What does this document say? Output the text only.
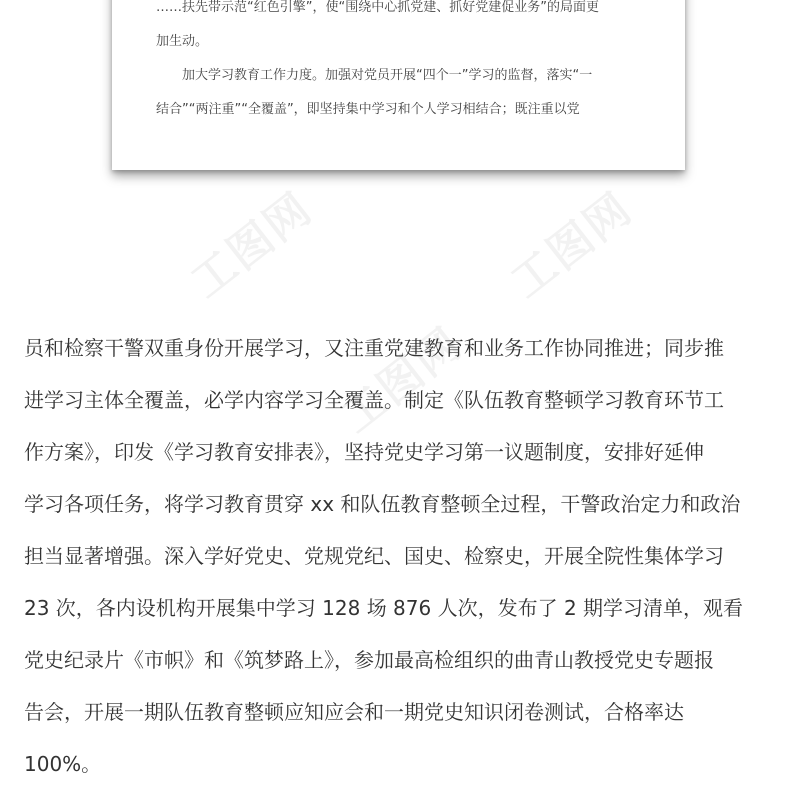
……扶先带示范“红色引擎”，使“围绕中心抓党建、抓好党建促业务”的局面更

加生动。

加大学习教育工作力度。加强对党员开展“四个一”学习的监督，落实“一

结合”“两注重”“全覆盖”，即坚持集中学习和个人学习相结合；既注重以党

工图网	工图网
工图网

员和检察干警双重身份开展学习，又注重党建教育和业务工作协同推进；同步推

进学习主体全覆盖，必学内容学习全覆盖。制定《队伍教育整顿学习教育环节工

作方案》，印发《学习教育安排表》，坚持党史学习第一议题制度，安排好延伸

学习各项任务，将学习教育贯穿 xx 和队伍教育整顿全过程，干警政治定力和政治

担当显著增强。深入学好党史、党规党纪、国史、检察史，开展全院性集体学习

23 次，各内设机构开展集中学习 128 场 876 人次，发布了 2 期学习清单，观看

党史纪录片《市帜》和《筑梦路上》，参加最高检组织的曲青山教授党史专题报

告会，开展一期队伍教育整顿应知应会和一期党史知识闭卷测试，合格率达

100%。
